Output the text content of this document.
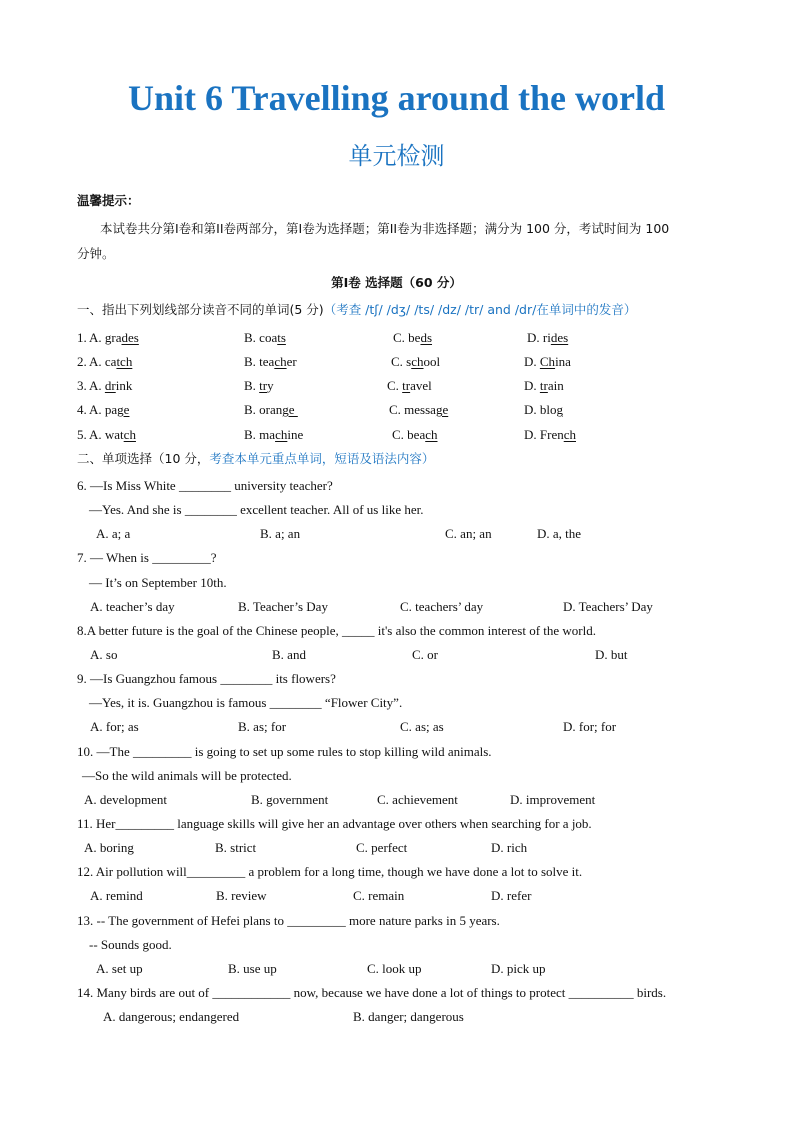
Unit 6 Travelling around the world
单元检测
温馨提示：
本试卷共分第I卷和第II卷两部分，第I卷为选择题；第II卷为非选择题；满分为 100 分，考试时间为 100
分钟。
第I卷 选择题（60 分）
一、指出下列划线部分读音不同的单词(5 分)（考查 /tʃ/ /dʒ/ /ts/ /dz/ /tr/ and /dr/在单词中的发音）
1. A. grades	B. coats	C. beds	D. rides
2. A. catch	B. teacher	C. school	D. China
3. A. drink	B. try	C. travel	D. train
4. A. page	B. orange	C. message	D. blog
5. A. watch	B. machine	C. beach	D. French
二、单项选择（10 分，考查本单元重点单词，短语及语法内容）
6. —Is Miss White ________ university teacher?
—Yes. And she is ________ excellent teacher. All of us like her.
A. a; a	B. a; an	C. an; an	D. a, the
7. — When is _________?
— It’s on September 10th.
A. teacher’s day	B. Teacher’s Day	C. teachers’ day	D. Teachers’ Day
8.A better future is the goal of the Chinese people, _____ it's also the common interest of the world.
A. so	B. and	C. or	D. but
9. —Is Guangzhou famous ________ its flowers?
—Yes, it is. Guangzhou is famous ________ “Flower City”.
A. for; as	B. as; for	C. as; as	D. for; for
10. —The _________ is going to set up some rules to stop killing wild animals.
—So the wild animals will be protected.
A. development	B. government	C. achievement	D. improvement
11. Her_________ language skills will give her an advantage over others when searching for a job.
A. boring	B. strict	C. perfect	D. rich
12. Air pollution will_________ a problem for a long time, though we have done a lot to solve it.
A. remind	B. review	C. remain	D. refer
13. -- The government of Hefei plans to _________ more nature parks in 5 years.
-- Sounds good.
A. set up	B. use up	C. look up	D. pick up
14. Many birds are out of ____________ now, because we have done a lot of things to protect __________ birds.
A. dangerous; endangered	B. danger; dangerous
